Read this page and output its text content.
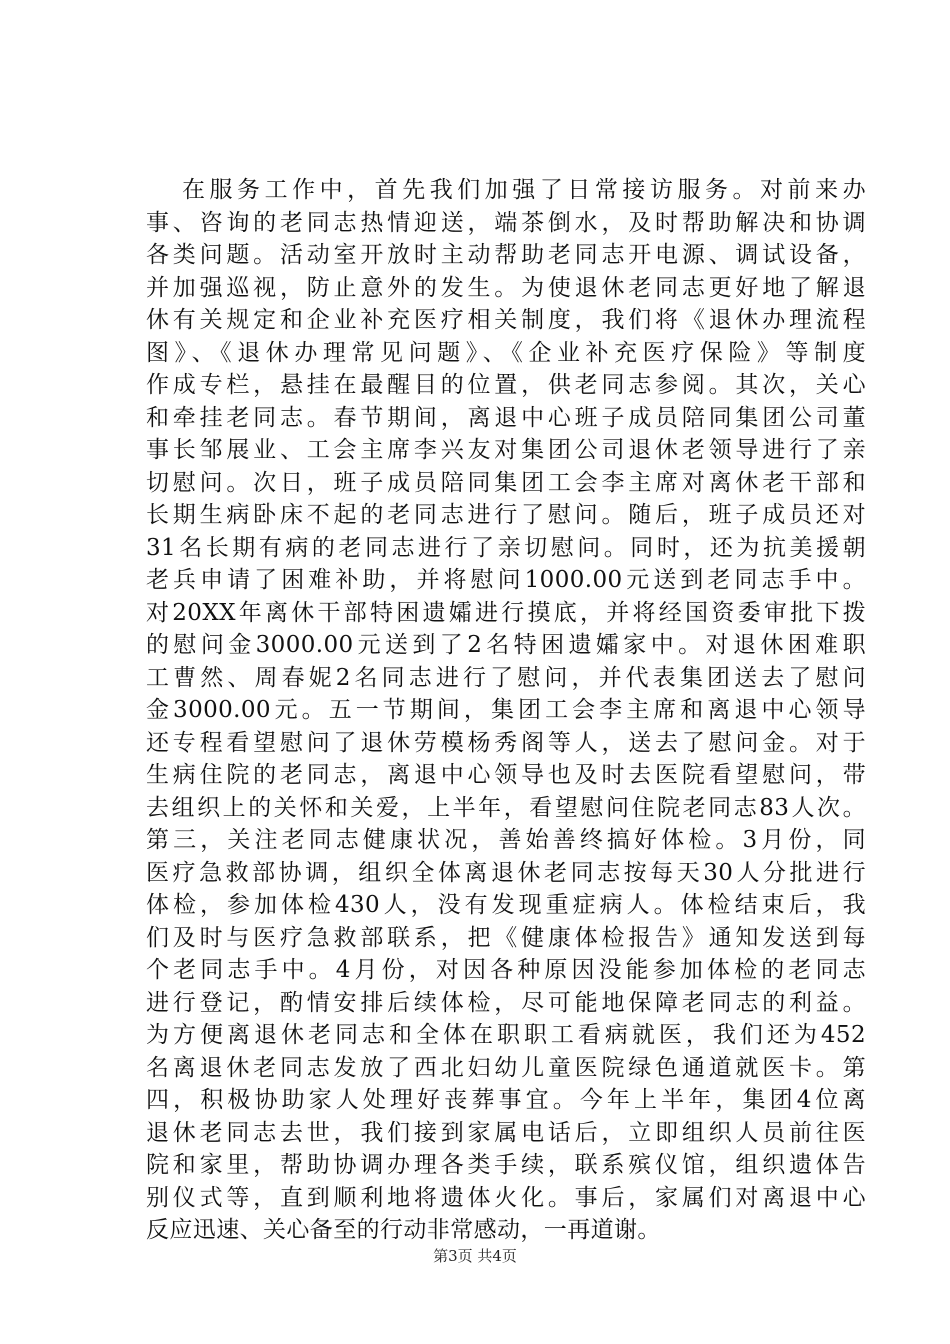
在服务工作中，首先我们加强了日常接访服务。对前来办
事、咨询的老同志热情迎送，端茶倒水，及时帮助解决和协调
各类问题。活动室开放时主动帮助老同志开电源、调试设备，
并加强巡视，防止意外的发生。为使退休老同志更好地了解退
休有关规定和企业补充医疗相关制度，我们将《退休办理流程
图》、《退休办理常见问题》、《企业补充医疗保险》等制度
作成专栏，悬挂在最醒目的位置，供老同志参阅。其次，关心
和牵挂老同志。春节期间，离退中心班子成员陪同集团公司董
事长邹展业、工会主席李兴友对集团公司退休老领导进行了亲
切慰问。次日，班子成员陪同集团工会李主席对离休老干部和
长期生病卧床不起的老同志进行了慰问。随后，班子成员还对
31名长期有病的老同志进行了亲切慰问。同时，还为抗美援朝
老兵申请了困难补助，并将慰问1000.00元送到老同志手中。
对20XX年离休干部特困遗孀进行摸底，并将经国资委审批下拨
的慰问金3000.00元送到了2名特困遗孀家中。对退休困难职
工曹然、周春妮2名同志进行了慰问，并代表集团送去了慰问
金3000.00元。五一节期间，集团工会李主席和离退中心领导
还专程看望慰问了退休劳模杨秀阁等人，送去了慰问金。对于
生病住院的老同志，离退中心领导也及时去医院看望慰问，带
去组织上的关怀和关爱，上半年，看望慰问住院老同志83人次。
第三，关注老同志健康状况，善始善终搞好体检。3月份，同
医疗急救部协调，组织全体离退休老同志按每天30人分批进行
体检，参加体检430人，没有发现重症病人。体检结束后，我
们及时与医疗急救部联系，把《健康体检报告》通知发送到每
个老同志手中。4月份，对因各种原因没能参加体检的老同志
进行登记，酌情安排后续体检，尽可能地保障老同志的利益。
为方便离退休老同志和全体在职职工看病就医，我们还为452
名离退休老同志发放了西北妇幼儿童医院绿色通道就医卡。第
四，积极协助家人处理好丧葬事宜。今年上半年，集团4位离
退休老同志去世，我们接到家属电话后，立即组织人员前往医
院和家里，帮助协调办理各类手续，联系殡仪馆，组织遗体告
别仪式等，直到顺利地将遗体火化。事后，家属们对离退中心
反应迅速、关心备至的行动非常感动，一再道谢。
第3页 共4页
